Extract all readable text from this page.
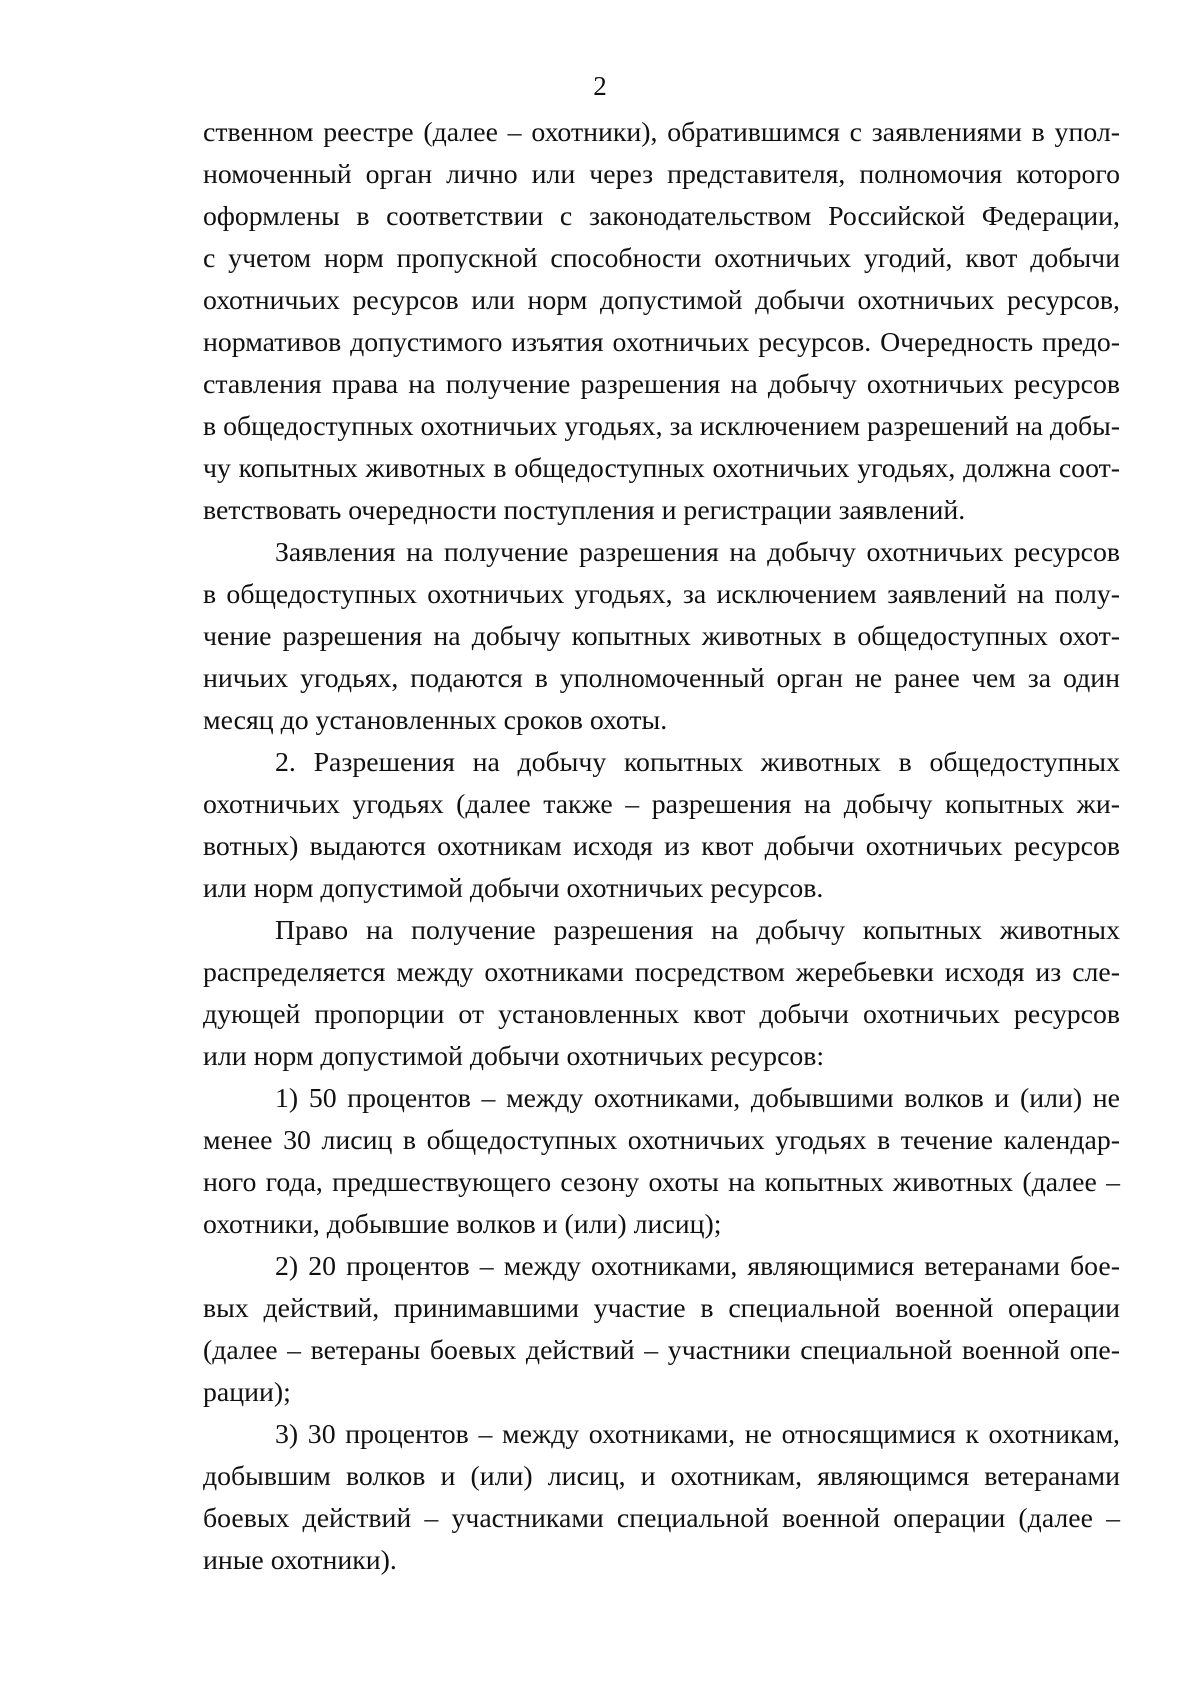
2
ственном реестре (далее – охотники), обратившимся с заявлениями в упол-
номоченный орган лично или через представителя, полномочия которого
оформлены в соответствии с законодательством Российской Федерации,
с учетом норм пропускной способности охотничьих угодий, квот добычи
охотничьих ресурсов или норм допустимой добычи охотничьих ресурсов,
нормативов допустимого изъятия охотничьих ресурсов. Очередность предо-
ставления права на получение разрешения на добычу охотничьих ресурсов
в общедоступных охотничьих угодьях, за исключением разрешений на добы-
чу копытных животных в общедоступных охотничьих угодьях, должна соот-
ветствовать очередности поступления и регистрации заявлений.
Заявления на получение разрешения на добычу охотничьих ресурсов
в общедоступных охотничьих угодьях, за исключением заявлений на полу-
чение разрешения на добычу копытных животных в общедоступных охот-
ничьих угодьях, подаются в уполномоченный орган не ранее чем за один
месяц до установленных сроков охоты.
2. Разрешения на добычу копытных животных в общедоступных
охотничьих угодьях (далее также – разрешения на добычу копытных жи-
вотных) выдаются охотникам исходя из квот добычи охотничьих ресурсов
или норм допустимой добычи охотничьих ресурсов.
Право на получение разрешения на добычу копытных животных
распределяется между охотниками посредством жеребьевки исходя из сле-
дующей пропорции от установленных квот добычи охотничьих ресурсов
или норм допустимой добычи охотничьих ресурсов:
1) 50 процентов – между охотниками, добывшими волков и (или) не
менее 30 лисиц в общедоступных охотничьих угодьях в течение календар-
ного года, предшествующего сезону охоты на копытных животных (далее –
охотники, добывшие волков и (или) лисиц);
2) 20 процентов – между охотниками, являющимися ветеранами бое-
вых действий, принимавшими участие в специальной военной операции
(далее – ветераны боевых действий – участники специальной военной опе-
рации);
3) 30 процентов – между охотниками, не относящимися к охотникам,
добывшим волков и (или) лисиц, и охотникам, являющимся ветеранами
боевых действий – участниками специальной военной операции (далее –
иные охотники).
